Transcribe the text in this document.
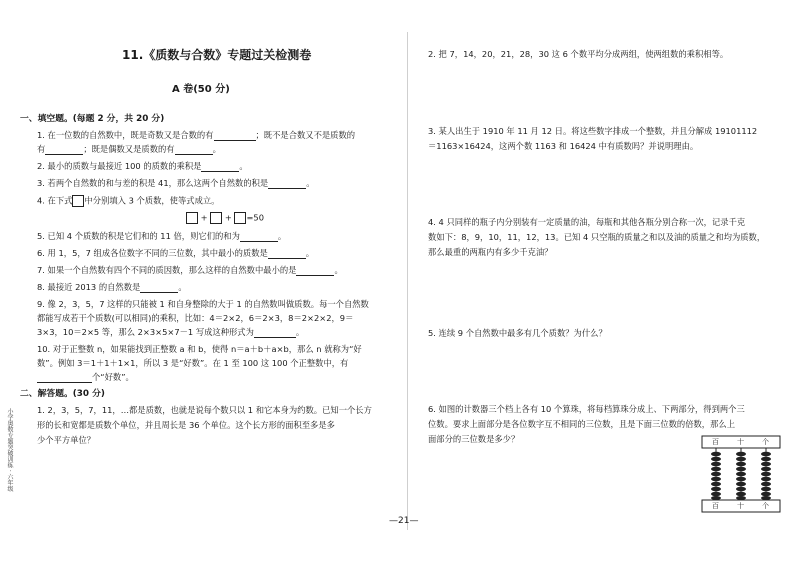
11.《质数与合数》专题过关检测卷
A 卷(50 分)
一、填空题。(每题 2 分，共 20 分)
1. 在一位数的自然数中，既是奇数又是合数的有	；既不是合数又不是质数的
有	；既是偶数又是质数的有	。
2. 最小的质数与最接近 100 的质数的乘积是	。
3. 若两个自然数的和与差的积是 41，那么这两个自然数的积是	。
4. 在下式 中分别填入 3 个质数，使等式成立。
+  + =50
5. 已知 4 个质数的积是它们和的 11 倍，则它们的和为	。
6. 用 1，5，7 组成各位数字不同的三位数，其中最小的质数是	。
7. 如果一个自然数有四个不同的质因数，那么这样的自然数中最小的是	。
8. 最接近 2013 的自然数是	。
9. 像 2，3，5，7 这样的只能被 1 和自身整除的大于 1 的自然数叫做质数。每一个自然数
都能写成若干个质数(可以相同)的乘积，比如：4＝2×2，6＝2×3，8＝2×2×2，9＝
3×3，10＝2×5 等，那么 2×3×5×7－1 写成这种形式为	。
10. 对于正整数 n，如果能找到正整数 a 和 b，使得 n＝a＋b＋a×b，那么 n 就称为“好
数”。例如 3＝1＋1＋1×1，所以 3 是“好数”。在 1 至 100 这 100 个正整数中，有
个“好数”。
二、解答题。(30 分)
1. 2，3，5，7，11，…都是质数，也就是说每个数只以 1 和它本身为约数。已知一个长方
形的长和宽都是质数个单位，并且周长是 36 个单位。这个长方形的面积至多是多
少个平方单位？
2. 把 7，14，20，21，28，30 这 6 个数平均分成两组，使两组数的乘积相等。
3. 某人出生于 1910 年 11 月 12 日。将这些数字排成一个整数，并且分解成 19101112
＝1163×16424，这两个数 1163 和 16424 中有质数吗？并说明理由。
4. 4 只同样的瓶子内分别装有一定质量的油，每瓶和其他各瓶分别合称一次，记录千克
数如下：8，9，10，11，12，13。已知 4 只空瓶的质量之和以及油的质量之和均为质数，
那么最重的两瓶内有多少千克油？
5. 连续 9 个自然数中最多有几个质数？为什么？
6. 如图的计数器三个档上各有 10 个算珠，将每档算珠分成上、下两部分，得到两个三
位数。要求上面部分是各位数字互不相同的三位数，且是下面三位数的倍数，那么上
面部分的三位数是多少？	百	十	个
百	十	个
—21—
小学奥数专题突破训练 · 六年级
